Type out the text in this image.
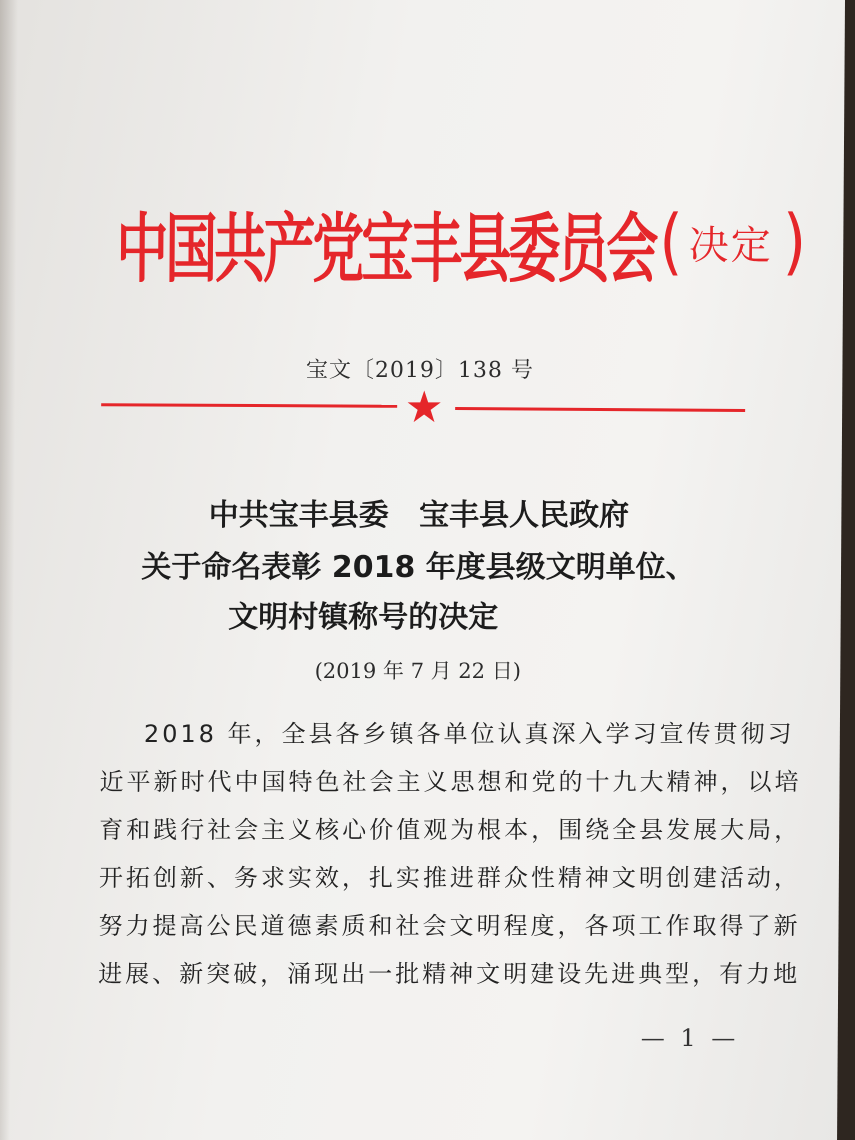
中国共产党宝丰县委员会 ( 决定 )
宝文〔2019〕138 号
中共宝丰县委 宝丰县人民政府
关于命名表彰 2018 年度县级文明单位、
文明村镇称号的决定
(2019 年 7 月 22 日)
2018 年，全县各乡镇各单位认真深入学习宣传贯彻习
近平新时代中国特色社会主义思想和党的十九大精神，以培
育和践行社会主义核心价值观为根本，围绕全县发展大局，
开拓创新、务求实效，扎实推进群众性精神文明创建活动，
努力提高公民道德素质和社会文明程度，各项工作取得了新
进展、新突破，涌现出一批精神文明建设先进典型，有力地
— 1 —
